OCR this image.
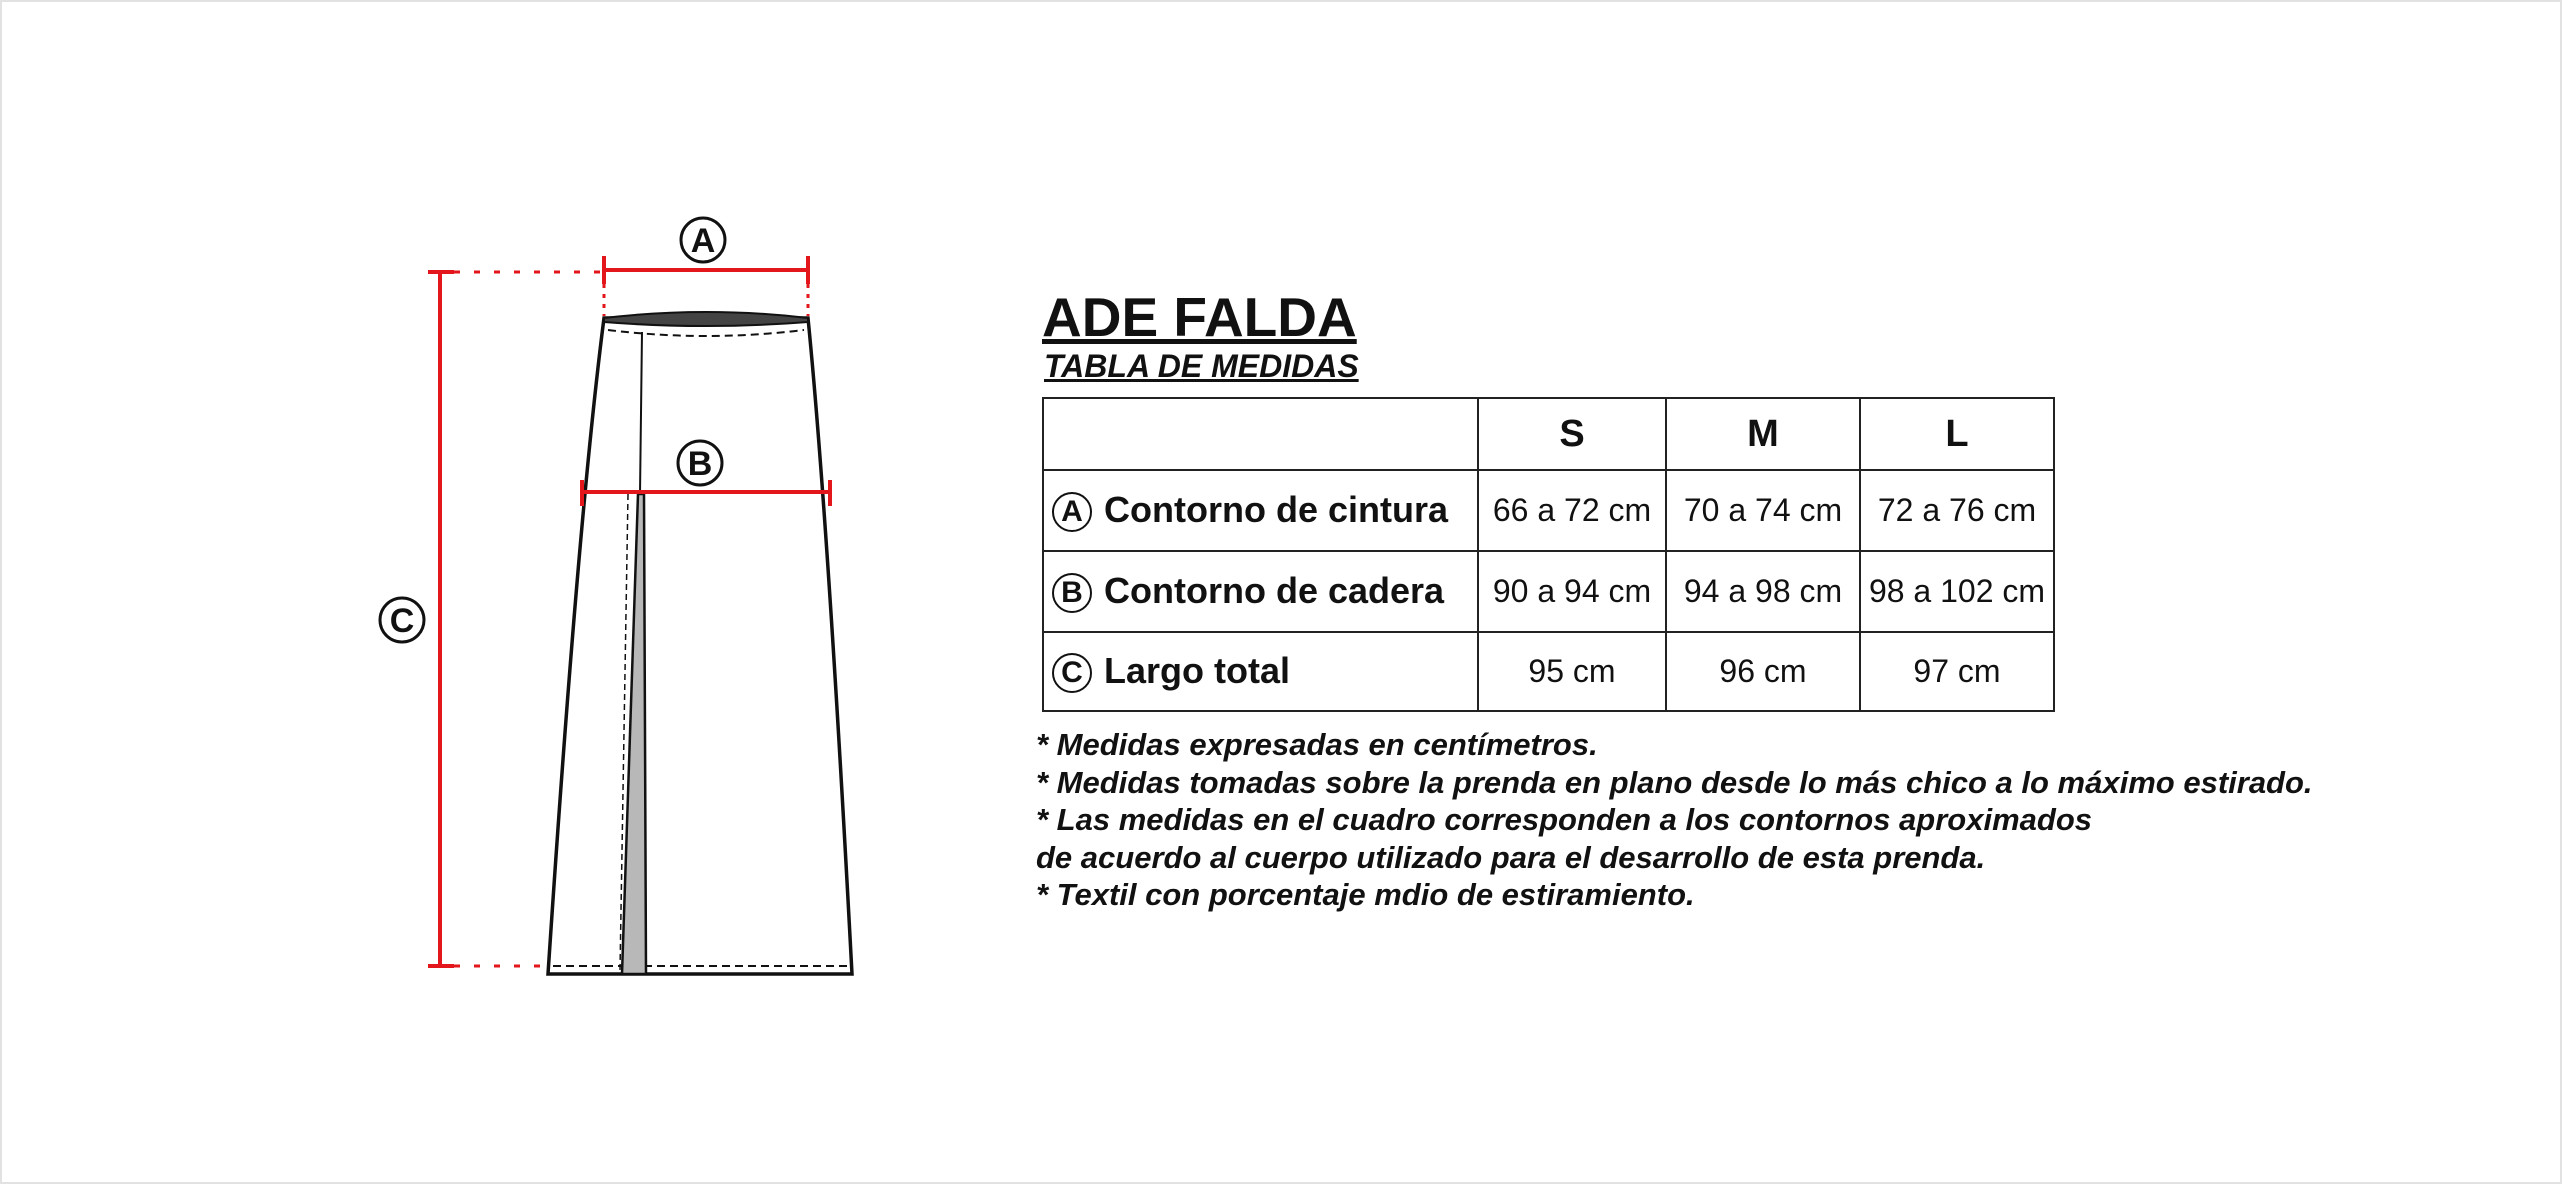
A
B
C
ADE FALDA
TABLA DE MEDIDAS
	S	M	L
A Contorno de cintura	66 a 72 cm	70 a 74 cm	72 a 76 cm
B Contorno de cadera	90 a 94 cm	94 a 98 cm	98 a 102 cm
C Largo total	95 cm	96 cm	97 cm
* Medidas expresadas en centímetros.
* Medidas tomadas sobre la prenda en plano desde lo más chico a lo máximo estirado.
* Las medidas en el cuadro corresponden a los contornos aproximados
de acuerdo al cuerpo utilizado para el desarrollo de esta prenda.
* Textil con porcentaje mdio de estiramiento.
